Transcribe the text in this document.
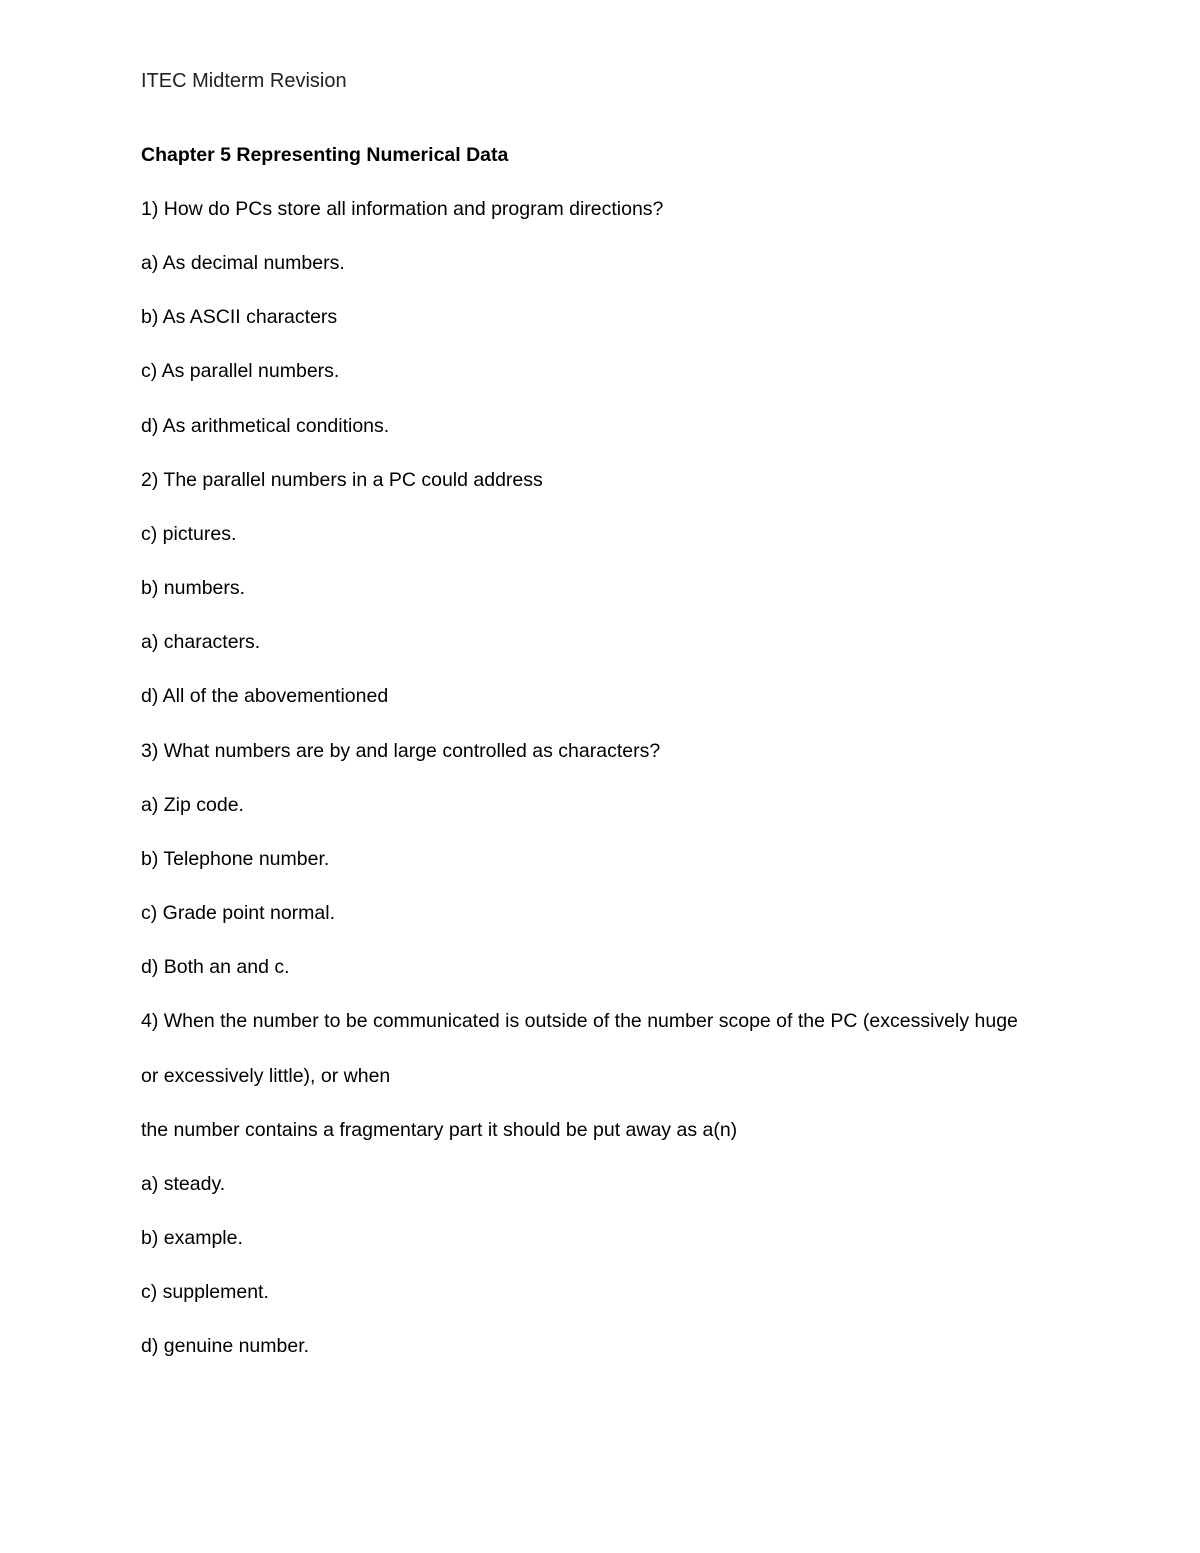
ITEC Midterm Revision
Chapter 5 Representing Numerical Data
1) How do PCs store all information and program directions?
a) As decimal numbers.
b) As ASCII characters
c) As parallel numbers.
d) As arithmetical conditions.
2) The parallel numbers in a PC could address
c) pictures.
b) numbers.
a) characters.
d) All of the abovementioned
3) What numbers are by and large controlled as characters?
a) Zip code.
b) Telephone number.
c) Grade point normal.
d) Both an and c.
4) When the number to be communicated is outside of the number scope of the PC (excessively huge
or excessively little), or when
the number contains a fragmentary part it should be put away as a(n)
a) steady.
b) example.
c) supplement.
d) genuine number.
